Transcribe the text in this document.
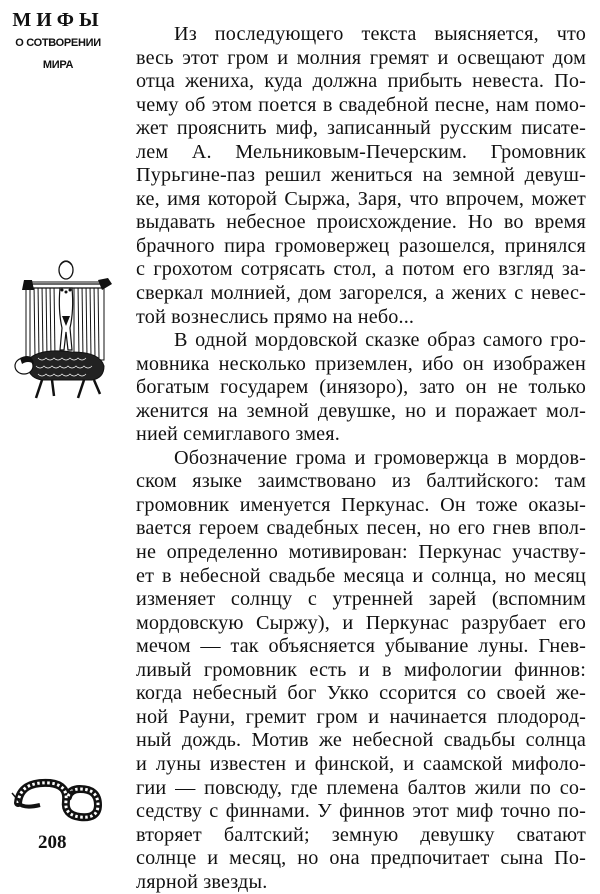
МИФЫ
О СОТВОРЕНИИ
МИРА
208
Из последующего текста выясняется, что
весь этот гром и молния гремят и освещают дом
отца жениха, куда должна прибыть невеста. По-
чему об этом поется в свадебной песне, нам помо-
жет прояснить миф, записанный русским писате-
лем А. Мельниковым-Печерским. Громовник
Пурьгине-паз решил жениться на земной девуш-
ке, имя которой Сыржа, Заря, что впрочем, может
выдавать небесное происхождение. Но во время
брачного пира громовержец разошелся, принялся
с грохотом сотрясать стол, а потом его взгляд за-
сверкал молнией, дом загорелся, а жених с невес-
той вознеслись прямо на небо...
В одной мордовской сказке образ самого гро-
мовника несколько приземлен, ибо он изображен
богатым государем (инязоро), зато он не только
женится на земной девушке, но и поражает мол-
нией семиглавого змея.
Обозначение грома и громовержца в мордов-
ском языке заимствовано из балтийского: там
громовник именуется Перкунас. Он тоже оказы-
вается героем свадебных песен, но его гнев впол-
не определенно мотивирован: Перкунас участву-
ет в небесной свадьбе месяца и солнца, но месяц
изменяет солнцу с утренней зарей (вспомним
мордовскую Сыржу), и Перкунас разрубает его
мечом — так объясняется убывание луны. Гнев-
ливый громовник есть и в мифологии финнов:
когда небесный бог Укко ссорится со своей же-
ной Рауни, гремит гром и начинается плодород-
ный дождь. Мотив же небесной свадьбы солнца
и луны известен и финской, и саамской мифоло-
гии — повсюду, где племена балтов жили по со-
седству с финнами. У финнов этот миф точно по-
вторяет балтский; земную девушку сватают
солнце и месяц, но она предпочитает сына По-
лярной звезды.
